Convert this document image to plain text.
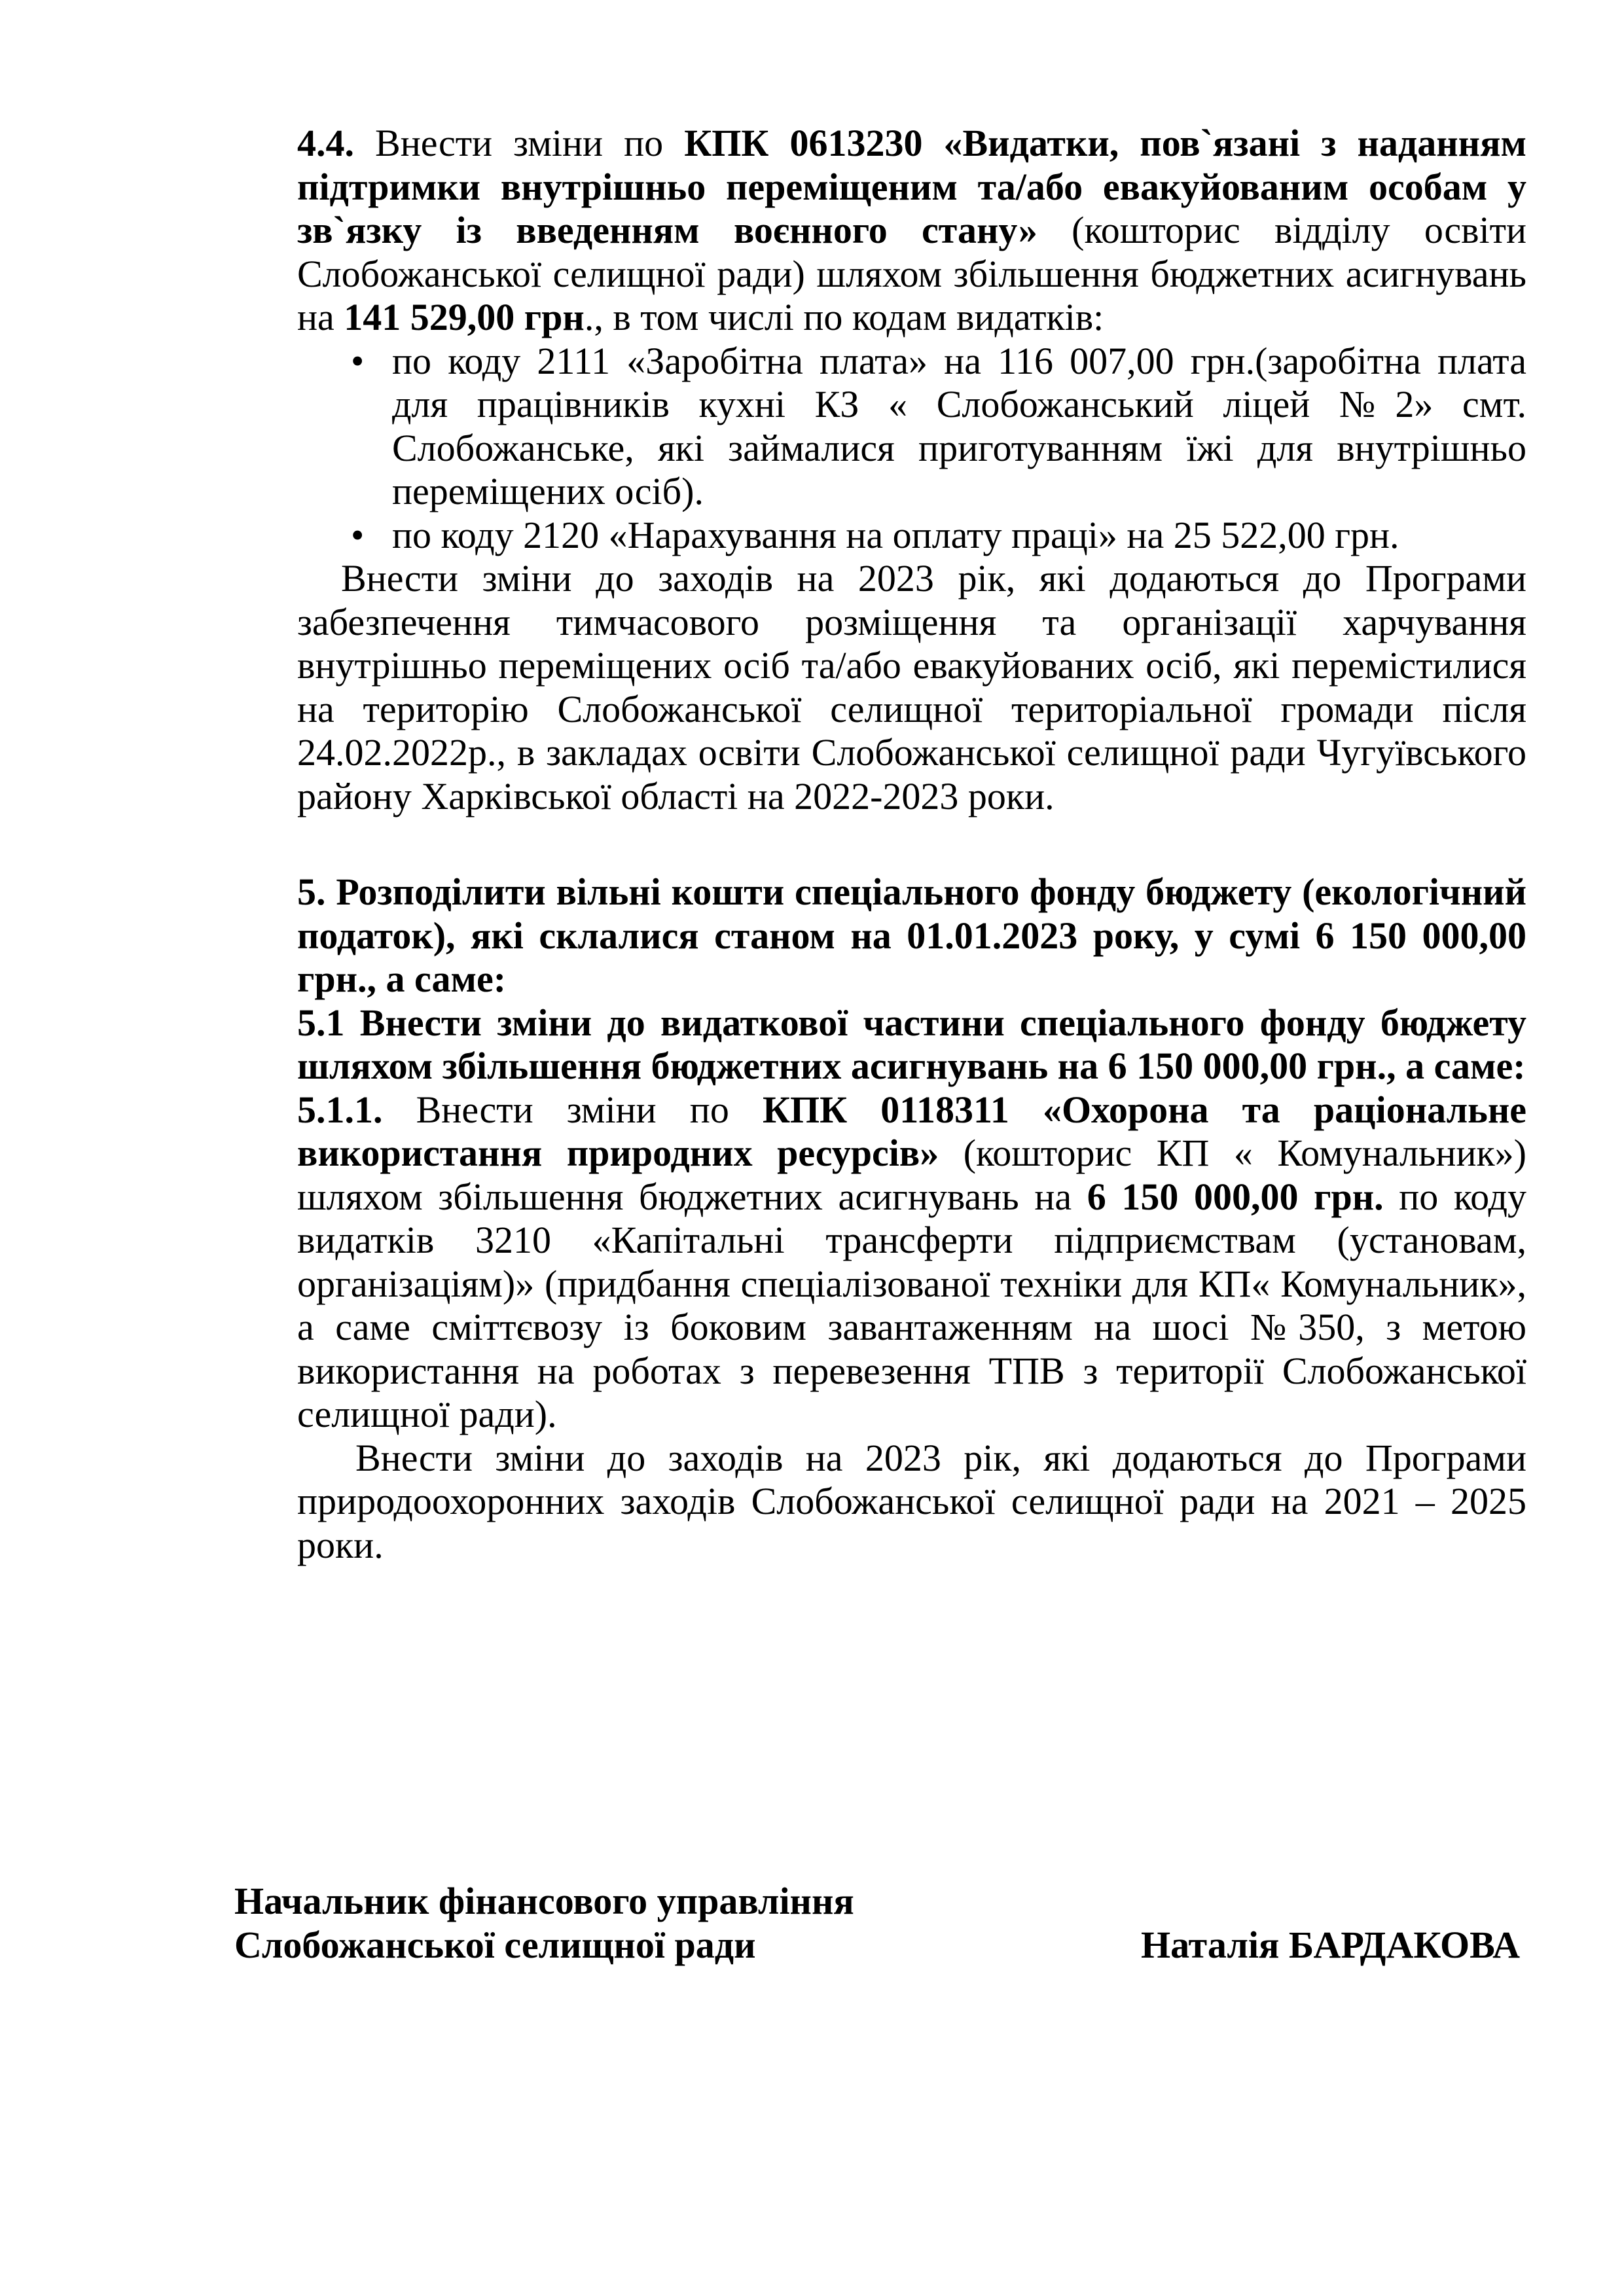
4.4. Внести зміни по КПК 0613230 «Видатки, пов`язані з наданням підтримки внутрішньо переміщеним та/або евакуйованим особам у зв`язку із введенням воєнного стану» (кошторис відділу освіти Слобожанської селищної ради) шляхом збільшення бюджетних асигнувань на 141 529,00 грн., в том числі по кодам видатків:

• по коду 2111 «Заробітна плата» на 116 007,00 грн.(заробітна плата для працівників кухні КЗ « Слобожанський ліцей №2» смт. Слобожанське, які займалися приготуванням їжі для внутрішньо переміщених осіб).
• по коду 2120 «Нарахування на оплату праці» на 25 522,00 грн.

Внести зміни до заходів на 2023 рік, які додаються до Програми забезпечення тимчасового розміщення та організації харчування внутрішньо переміщених осіб та/або евакуйованих осіб, які перемістилися на територію Слобожанської селищної територіальної громади після 24.02.2022р., в закладах освіти Слобожанської селищної ради Чугуївського району Харківської області на 2022-2023 роки.

5. Розподілити вільні кошти спеціального фонду бюджету (екологічний податок), які склалися станом на 01.01.2023 року, у сумі 6 150 000,00 грн., а саме:

5.1 Внести зміни до видаткової частини спеціального фонду бюджету шляхом збільшення бюджетних асигнувань на 6 150 000,00 грн., а саме:

5.1.1. Внести зміни по КПК 0118311 «Охорона та раціональне використання природних ресурсів» (кошторис КП « Комунальник») шляхом збільшення бюджетних асигнувань на 6 150 000,00 грн. по коду видатків 3210 «Капітальні трансферти підприємствам (установам, організаціям)» (придбання спеціалізованої техніки для КП« Комунальник», а саме сміттєвозу із боковим завантаженням на шосі №350, з метою використання на роботах з перевезення ТПВ з території Слобожанської селищної ради).

Внести зміни до заходів на 2023 рік, які додаються до Програми природоохоронних заходів Слобожанської селищної ради на 2021 – 2025 роки.

Начальник фінансового управління
Слобожанської селищної ради	Наталія БАРДАКОВА
